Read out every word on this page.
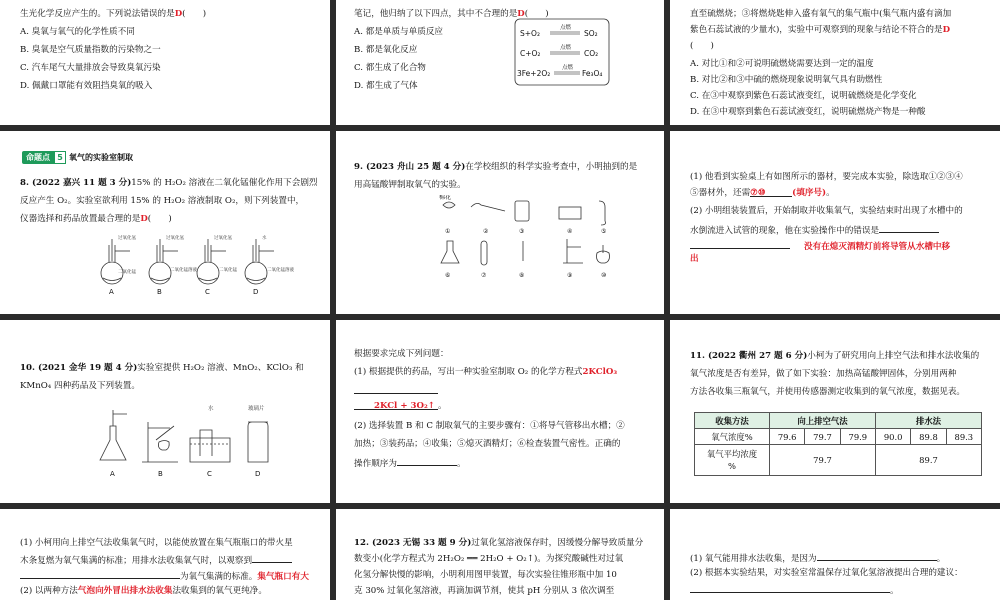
生光化学反应产生的。下列说法错误的是D(　　)
A. 臭氧与氧气的化学性质不同
B. 臭氧是空气质量指数的污染物之一
C. 汽车尾气大量排放会导致臭氧污染
D. 佩戴口罩能有效阻挡臭氧的吸入
笔记，他归纳了以下四点，其中不合理的是D(　　)
A. 都是单质与单质反应
B. 都是氧化反应
C. 都生成了化合物
D. 都生成了气体
S+O₂
点燃
SO₂
C+O₂
点燃
CO₂
3Fe+2O₂
点燃
Fe₃O₄
直至硫燃烧；③将燃烧匙伸入盛有氧气的集气瓶中(集气瓶内盛有滴加
紫色石蕊试液的少量水)，实验中可观察到的现象与结论不符合的是D
(　　)
A. 对比①和②可说明硫燃烧需要达到一定的温度
B. 对比②和③中硫的燃烧现象说明氧气具有助燃性
C. 在③中观察到紫色石蕊试液变红，说明硫燃烧是化学变化
D. 在③中观察到紫色石蕊试液变红，说明硫燃烧产物是一种酸
命题点 5 氧气的实验室制取
8. (2022 嘉兴 11 题 3 分)15% 的 H₂O₂ 溶液在二氧化锰催化作用下会剧烈
反应产生 O₂。实验室欲利用 15% 的 H₂O₂ 溶液制取 O₂，则下列装置中，
仪器选择和药品放置最合理的是D(　　)
过氧化氢
二氧化锰
过氧化氢
二氧化锰溶液
过氧化氢
二氧化锰
水
二氧化锰溶液
A	B	C	D
9. (2023 舟山 25 题 4 分)在学校组织的科学实验考查中，小明抽到的是
用高锰酸钾制取氧气的实验。
棉花
①	②	③	④	⑤
⑥	⑦	⑧	⑨	⑩
(1) 他看到实验桌上有如图所示的器材，要完成本实验，除选取①②③④
⑤器材外，还需⑦⑩	(填序号)。
(2) 小明组装装置后，开始制取并收集氧气，实验结束时出现了水槽中的
水倒流进入试管的现象，他在实验操作中的错误是
没有在熄灭酒精灯前将导管从水槽中移
出
10. (2021 金华 19 题 4 分)实验室提供 H₂O₂ 溶液、MnO₂、KClO₃ 和
KMnO₄ 四种药品及下列装置。
水	玻璃片
A	B	C	D
根据要求完成下列问题：
(1) 根据提供的药品，写出一种实验室制取 O₂ 的化学方程式2KClO₃
2KCl + 3O₂↑ 。
(2) 选择装置 B 和 C 制取氧气的主要步骤有：①将导气管移出水槽；②
加热；③装药品；④收集；⑤熄灭酒精灯；⑥检查装置气密性。正确的
操作顺序为	。
11. (2022 衢州 27 题 6 分)小柯为了研究用向上排空气法和排水法收集的
氧气浓度是否有差异，做了如下实验：加热高锰酸钾固体，分别用两种
方法各收集三瓶氧气，并使用传感器测定收集到的氧气浓度，数据见表。
收集方法	向上排空气法			排水法		
氧气浓度%	79.6	79.7	79.9	90.0	89.8	89.3
氧气平均浓度
%	79.7			89.7		
(1) 小柯用向上排空气法收集氧气时，以能使放置在集气瓶瓶口的带火星
木条复燃为氧气集满的标准；用排水法收集氧气时，以观察到
为氧气集满的标准。集气瓶口有大
(2) 以两种方法气泡向外冒出排水法收集法收集到的氧气更纯净。
12. (2023 无锡 33 题 9 分)过氧化氢溶液保存时，因缓慢分解导致质量分
数变小(化学方程式为 2H₂O₂ ══ 2H₂O + O₂↑)。为探究酸碱性对过氧
化氢分解快慢的影响，小明利用图甲装置，每次实验往锥形瓶中加 10
克 30% 过氧化氢溶液，再滴加调节剂，使其 pH 分别从 3 依次调至
(1) 氧气能用排水法收集，是因为	。
(2) 根据本实验结果，对实验室常温保存过氧化氢溶液提出合理的建议：
。
